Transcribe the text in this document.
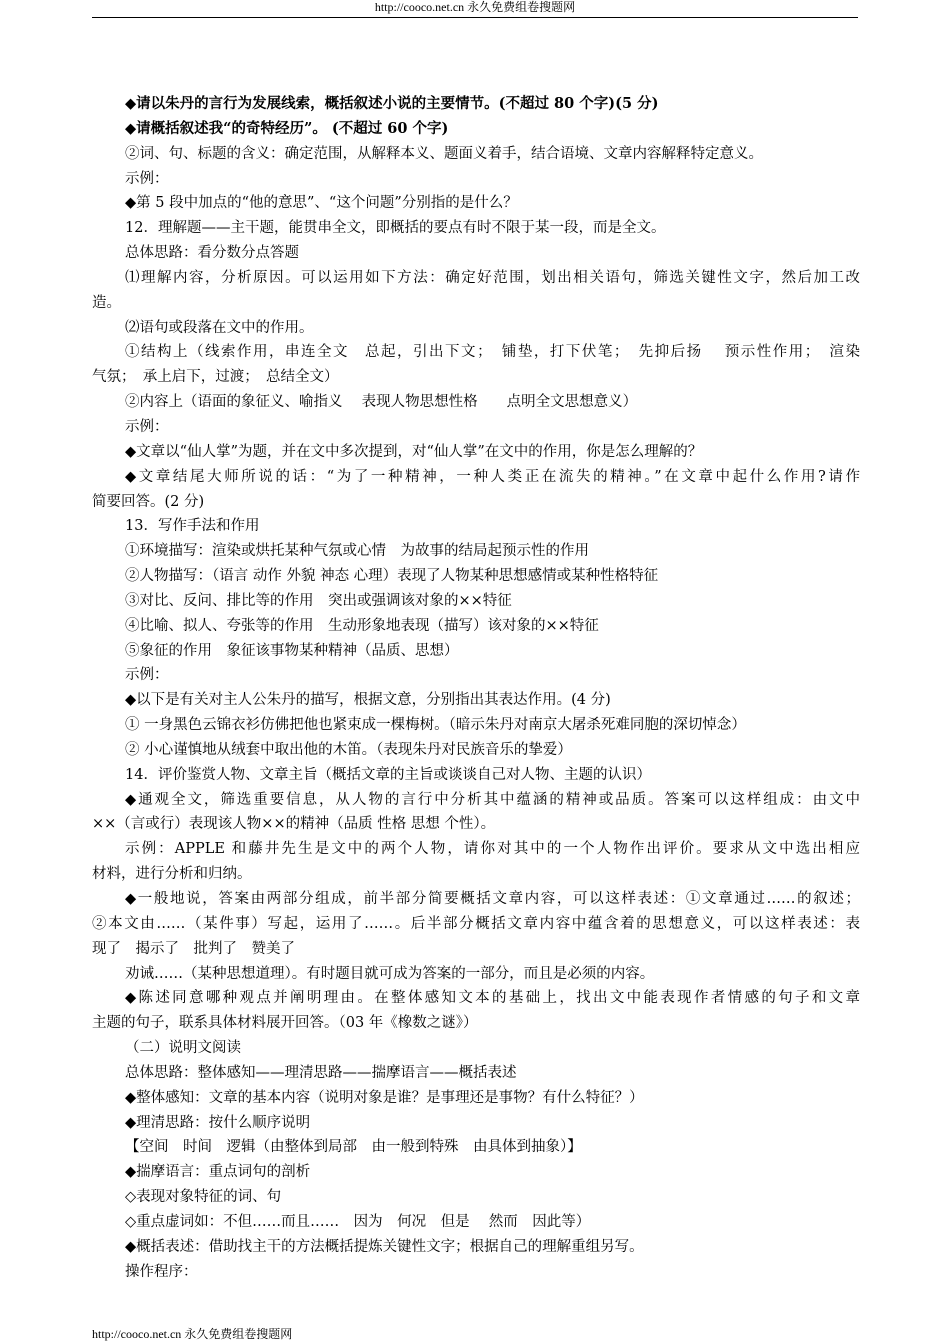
http://cooco.net.cn 永久免费组卷搜题网
◆请以朱丹的言行为发展线索，概括叙述小说的主要情节。(不超过 80 个字)(5 分)
◆请概括叙述我“的奇特经历”。 (不超过 60 个字)
②词、句、标题的含义：确定范围，从解释本义、题面义着手，结合语境、文章内容解释特定意义。
示例：
◆第 5 段中加点的“他的意思”、“这个问题”分别指的是什么？
12．理解题——主干题，能贯串全文，即概括的要点有时不限于某一段，而是全文。
总体思路：看分数分点答题
⑴理解内容，分析原因。可以运用如下方法：确定好范围，划出相关语句，筛选关键性文字，然后加工改
造。
⑵语句或段落在文中的作用。
①结构上（线索作用，串连全文　总起，引出下文；　铺垫，打下伏笔；　先抑后扬　 预示性作用；　渲染
气氛；　承上启下，过渡；　总结全文）
②内容上（语面的象征义、喻指义　 表现人物思想性格　　点明全文思想意义）
示例：
◆文章以“仙人掌”为题，并在文中多次提到，对“仙人掌”在文中的作用，你是怎么理解的？
◆文章结尾大师所说的话：“为了一种精神，一种人类正在流失的精神。”在文章中起什么作用?请作
简要回答。(2 分)
13．写作手法和作用
①环境描写：渲染或烘托某种气氛或心情　为故事的结局起预示性的作用
②人物描写：（语言 动作 外貌 神态 心理）表现了人物某种思想感情或某种性格特征
③对比、反问、排比等的作用　突出或强调该对象的××特征
④比喻、拟人、夸张等的作用　生动形象地表现（描写）该对象的××特征
⑤象征的作用　象征该事物某种精神（品质、思想）
示例：
◆以下是有关对主人公朱丹的描写，根据文意，分别指出其表达作用。(4 分)
① 一身黑色云锦衣衫仿佛把他也紧束成一棵梅树。（暗示朱丹对南京大屠杀死难同胞的深切悼念）
② 小心谨慎地从绒套中取出他的木笛。（表现朱丹对民族音乐的挚爱）
14．评价鉴赏人物、文章主旨（概括文章的主旨或谈谈自己对人物、主题的认识）
◆通观全文，筛选重要信息，从人物的言行中分析其中蕴涵的精神或品质。答案可以这样组成：由文中
××（言或行）表现该人物××的精神（品质 性格 思想 个性）。
示例：APPLE 和藤井先生是文中的两个人物，请你对其中的一个人物作出评价。要求从文中选出相应
材料，进行分析和归纳。
◆一般地说，答案由两部分组成，前半部分简要概括文章内容，可以这样表述：①文章通过……的叙述；
②本文由……（某件事）写起，运用了……。后半部分概括文章内容中蕴含着的思想意义，可以这样表述：表
现了　揭示了　批判了　赞美了
劝诫……（某种思想道理）。有时题目就可成为答案的一部分，而且是必须的内容。
◆陈述同意哪种观点并阐明理由。在整体感知文本的基础上，找出文中能表现作者情感的句子和文章
主题的句子，联系具体材料展开回答。（03 年《橡数之谜》）
（二）说明文阅读
总体思路：整体感知——理清思路——揣摩语言——概括表述
◆整体感知：文章的基本内容（说明对象是谁？是事理还是事物？有什么特征？）
◆理清思路：按什么顺序说明
【空间　时间　逻辑（由整体到局部　由一般到特殊　由具体到抽象）】
◆揣摩语言：重点词句的剖析
◇表现对象特征的词、句
◇重点虚词如：不但……而且……　因为　何况　但是　 然而　因此等）
◆概括表述：借助找主干的方法概括提炼关键性文字；根据自己的理解重组另写。
操作程序：
http://cooco.net.cn 永久免费组卷搜题网
